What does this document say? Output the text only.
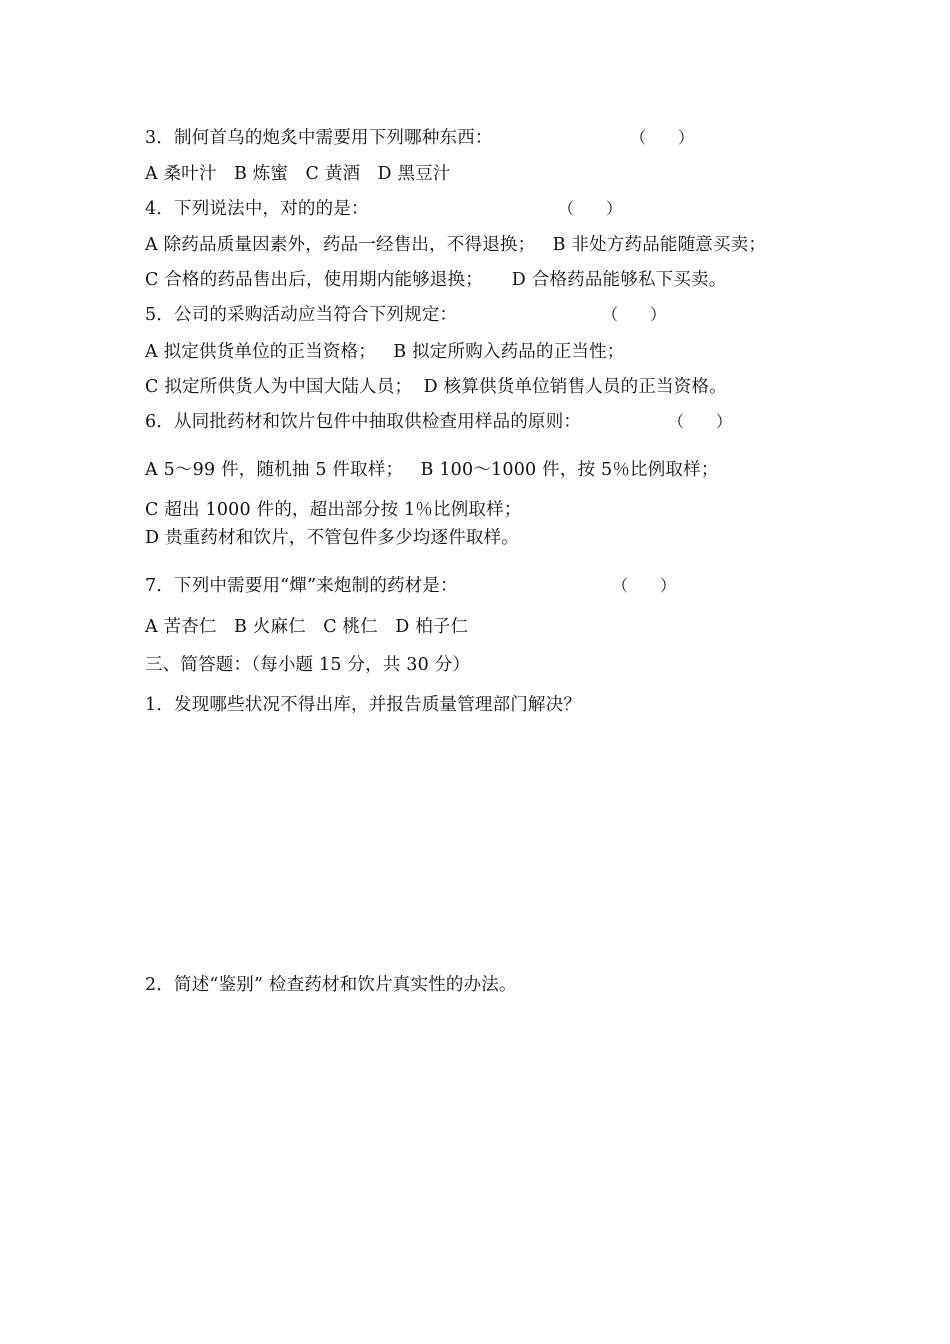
3．制何首乌的炮炙中需要用下列哪种东西：	（　　）
A 桑叶汁   B 炼蜜   C 黄酒   D 黑豆汁
4．下列说法中，对的的是：	（　　）
A 除药品质量因素外，药品一经售出，不得退换；   B 非处方药品能随意买卖；
C 合格的药品售出后，使用期内能够退换；     D 合格药品能够私下买卖。
5．公司的采购活动应当符合下列规定：	（　　）
A 拟定供货单位的正当资格；   B 拟定所购入药品的正当性；
C 拟定所供货人为中国大陆人员；  D 核算供货单位销售人员的正当资格。
6．从同批药材和饮片包件中抽取供检查用样品的原则：	（　　）
A 5～99 件，随机抽 5 件取样；   B 100～1000 件，按 5％比例取样；
C 超出 1000 件的，超出部分按 1％比例取样；
D 贵重药材和饮片，不管包件多少均逐件取样。
7．下列中需要用“燀”来炮制的药材是：	（　　）
A 苦杏仁   B 火麻仁   C 桃仁   D 柏子仁
三、简答题：（每小题 15 分，共 30 分）
1．发现哪些状况不得出库，并报告质量管理部门解决？
2．简述“鉴别” 检查药材和饮片真实性的办法。
